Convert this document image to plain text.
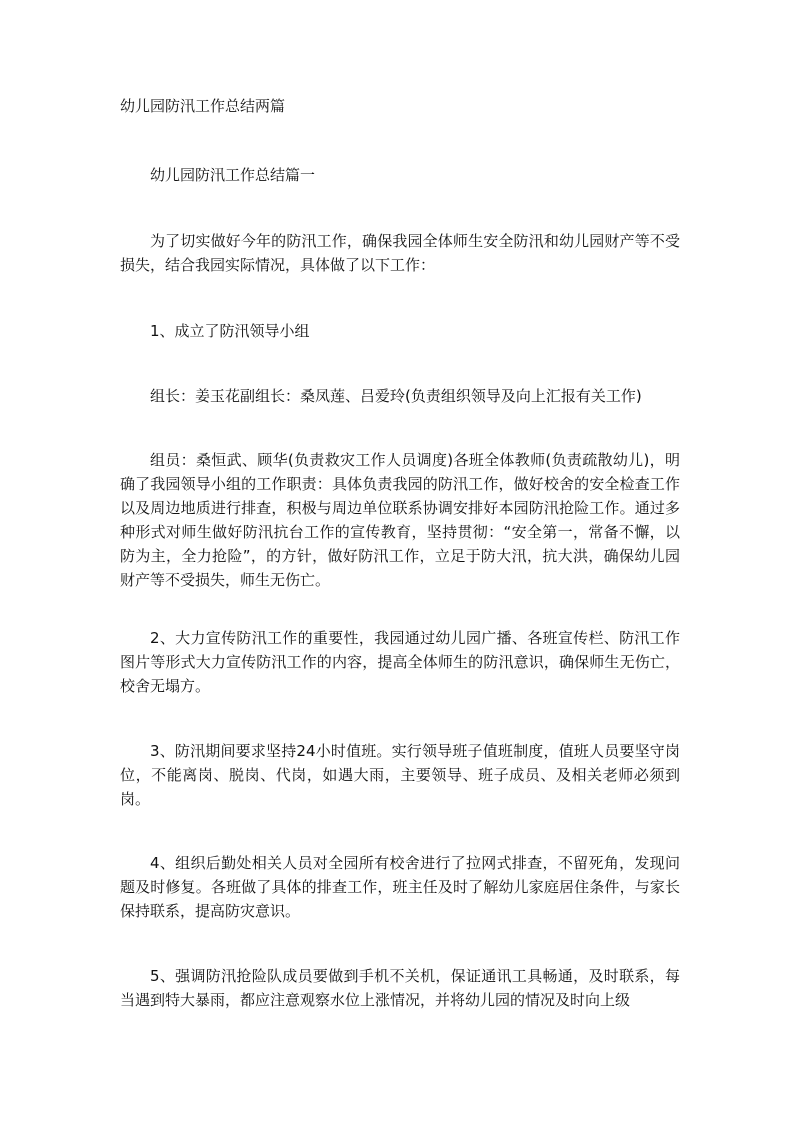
幼儿园防汛工作总结两篇
幼儿园防汛工作总结篇一

为了切实做好今年的防汛工作，确保我园全体师生安全防汛和幼儿园财产等不受损失，结合我园实际情况，具体做了以下工作：

1、成立了防汛领导小组
组长：姜玉花副组长：桑凤莲、吕爱玲(负责组织领导及向上汇报有关工作)

组员：桑恒武、顾华(负责救灾工作人员调度)各班全体教师(负责疏散幼儿)，明确了我园领导小组的工作职责：具体负责我园的防汛工作，做好校舍的安全检查工作以及周边地质进行排查，积极与周边单位联系协调安排好本园防汛抢险工作。通过多种形式对师生做好防汛抗台工作的宣传教育，坚持贯彻：“安全第一，常备不懈，以防为主，全力抢险”，的方针，做好防汛工作，立足于防大汛，抗大洪，确保幼儿园财产等不受损失，师生无伤亡。

2、大力宣传防汛工作的重要性，我园通过幼儿园广播、各班宣传栏、防汛工作图片等形式大力宣传防汛工作的内容，提高全体师生的防汛意识，确保师生无伤亡，校舍无塌方。

3、防汛期间要求坚持24小时值班。实行领导班子值班制度，值班人员要坚守岗位，不能离岗、脱岗、代岗，如遇大雨，主要领导、班子成员、及相关老师必须到岗。

4、组织后勤处相关人员对全园所有校舍进行了拉网式排查，不留死角，发现问题及时修复。各班做了具体的排查工作，班主任及时了解幼儿家庭居住条件，与家长保持联系，提高防灾意识。

5、强调防汛抢险队成员要做到手机不关机，保证通讯工具畅通，及时联系，每当遇到特大暴雨，都应注意观察水位上涨情况，并将幼儿园的情况及时向上级
